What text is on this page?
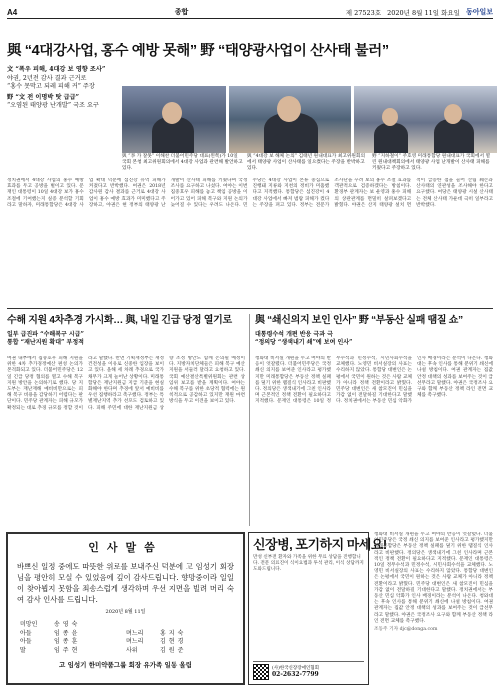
A4	종합	제 27523호 2020년 8월 11일 화요일 동아일보
與 “4대강사업, 홍수 예방 못해” 野 “태양광사업이 산사태 불러”
文 “폭우 피해, 4대강 보 영향 조사”
야권, 2년전 감사 결과 근거로
“홍수 못막고 되레 피해 커” 주장
野 “文 전 이명박 탓 급급”
“오염된 태양광 난개발” 국조 요구
與 “李 가 잘못” 이해찬 더불어민주당 대표(왼쪽)가 10일 국회 본청 최고위원회의에서 4대강 사업과 관련해 발언하고 있다.
與 “4대강 보 해체 논의” 김태년 원내대표가 최고위원회의에서 태양광 사업이 산사태를 일으켰다는 주장을 반박하고 있다.
野 “지하철이” 주호영 미래통합당 원내대표가 국회에서 열린 원내대책회의에서 태양광 사업 난개발이 산사태 피해를 키웠다고 주장하고 있다.
정치권에서 4대강 사업의 홍수 예방 효과를 두고 공방을 벌이고 있다. 문재인 대통령이 10일 4대강 보가 홍수 조절에 기여했는지 실증 분석할 기회라고 말하자, 미래통합당은 4대강 사업 확대 덕분에 섬진강 유역 피해가 커졌다고 반박했다. 여권은 2018년 감사원 감사 결과를 근거로 4대강 사업이 홍수 예방 효과가 미미했다고 주장하고, 야권은 현 정부의 태양광 난개발이 산사태 피해를 키웠다며 국정조사를 요구하고 나섰다. 여야는 이번 집중호우 피해를 놓고 책임 공방을 이어가고 있어 피해 복구와 지원 논의가 늦어질 수 있다는 우려도 나온다. 민주당은 4대강 사업이 본류 중심으로 진행돼 지류와 지천의 정비가 미흡했다고 지적했다. 통합당은 섬진강이 4대강 사업에서 빠져 범람 피해가 컸다는 주장을 펴고 있다. 정부는 전문가 조사단을 꾸려 보의 홍수 조절 효과를 객관적으로 검증하겠다는 방침이다. 환경부 관계자는 보 운영과 홍수 피해의 상관관계를 면밀히 살펴보겠다고 밝혔다. 야권은 산지 태양광 설치 면적이 급증한 점을 들어 산림 훼손과 산사태의 연관성을 조사해야 한다고 요구했다. 여당은 태양광 시설 산사태는 전체 산사태 가운데 극히 일부라고 반박했다.
수해 지원 4차추경 가시화… 與, 내일 긴급 당정 열기로
일부 급진파 “수해복구 시급”
통합 “재난지원 확대” 부정적
여권 내부에서 집중호우 피해 지원을 위한 4차 추가경정예산 편성 논의가 본격화되고 있다. 더불어민주당은 12일 긴급 당정 협의를 열고 수해 복구 지원 방안을 논의하기로 했다. 당 지도부는 재난재해 예비비만으로는 피해 복구 비용을 감당하기 어렵다는 판단이다. 민주당 관계자는 피해 규모가 확정되는 대로 추경 규모를 정할 것이라고 말했다. 반면 기획재정부는 재정 건전성을 이유로 신중한 입장을 보이고 있다. 올해 세 차례 추경으로 국가채무가 크게 늘어난 상황이다. 미래통합당은 재난지원금 지급 기준을 현실화해야 한다며 추경에 앞서 예비비를 우선 집행하라고 촉구했다. 정부는 특별재난지역 추가 선포도 검토하고 있다. 피해 주민에 대한 재난지원금 상향 조정 방안도 함께 논의될 예정이다. 지방자치단체들은 피해 복구 예산 지원을 서둘러 달라고 요청하고 있다. 국회 예산결산특별위원회는 관련 상임위 보고를 받을 계획이다. 여야는 수해 복구를 위한 초당적 협력에는 원칙적으로 공감하고 있지만 재원 마련 방식을 두고 이견을 보이고 있다.
與 “쇄신의지 보인 인사” 野 “부동산 실패 땜질 쇼”
대통령수석 개편 반응 극과 극
“정의당 “생색내기 쇄”에 보여 인사”
청와대 비서실 개편을 두고 여야의 반응이 엇갈렸다. 더불어민주당은 국정 쇄신 의지를 보여준 인사라고 평가했지만 미래통합당은 부동산 정책 실패를 덮기 위한 땜질식 인사라고 비판했다. 정의당은 생색내기에 그친 인사라며 근본적인 정책 전환이 필요하다고 지적했다. 문재인 대통령은 10일 정무수석과 민정수석, 시민사회수석을 교체했다. 노영민 비서실장의 사표는 수리하지 않았다. 통합당 대변인은 논평에서 국민이 원하는 것은 사람 교체가 아니라 정책 전환이라고 밝혔다. 민주당 대변인은 새 참모진이 민심을 가감 없이 전달하길 기대한다고 말했다. 정치권에서는 부동산 민심 악화가 인사 배경이라는 분석이 나온다. 청와대는 후속 인사를 통해 분위기 쇄신에 나설 방침이다. 여권 관계자는 집값 안정 대책의 성과를 보여주는 것이 급선무라고 말했다. 야권은 국정조사 요구와 함께 부동산 정책 라인 전면 교체를 촉구했다.
인사말씀
바쁘신 일정 중에도 따뜻한 위로를 보내주신 덕분에 고 임성기 회장님을 평안히 모실 수 있었음에 깊이 감사드립니다. 향망중이라 일일이 찾아뵙지 못함을 죄송스럽게 생각하며 우선 지면을 빌려 머리 숙여 감사 인사를 드립니다.
2020년 8월 11일
미망인	송영숙
아들	임종윤	며느리	홍지숙
아들	임종훈	며느리	김현경
딸	임주현	사위	김원준
고 임성기 한미약품그룹 회장 유가족 일동 올림
신장병, 포기하지 마세요!
만성 신부전 환자와 가족을 위한 무료 상담을 진행합니다. 전문 의료진이 식이요법과 투석 관리, 이식 상담까지 도와드립니다.
(사)한국신장장애인협회
02-2632-7799
청와대 비서실 개편을 두고 여야의 반응이 엇갈렸다. 더불어민주당은 국정 쇄신 의지를 보여준 인사라고 평가했지만 미래통합당은 부동산 정책 실패를 덮기 위한 땜질식 인사라고 비판했다. 정의당은 생색내기에 그친 인사라며 근본적인 정책 전환이 필요하다고 지적했다. 문재인 대통령은 10일 정무수석과 민정수석, 시민사회수석을 교체했다. 노영민 비서실장의 사표는 수리하지 않았다. 통합당 대변인은 논평에서 국민이 원하는 것은 사람 교체가 아니라 정책 전환이라고 밝혔다. 민주당 대변인은 새 참모진이 민심을 가감 없이 전달하길 기대한다고 말했다. 정치권에서는 부동산 민심 악화가 인사 배경이라는 분석이 나온다. 청와대는 후속 인사를 통해 분위기 쇄신에 나설 방침이다. 여권 관계자는 집값 안정 대책의 성과를 보여주는 것이 급선무라고 말했다. 야권은 국정조사 요구와 함께 부동산 정책 라인 전면 교체를 촉구했다.
조동주 기자 djc@donga.com
